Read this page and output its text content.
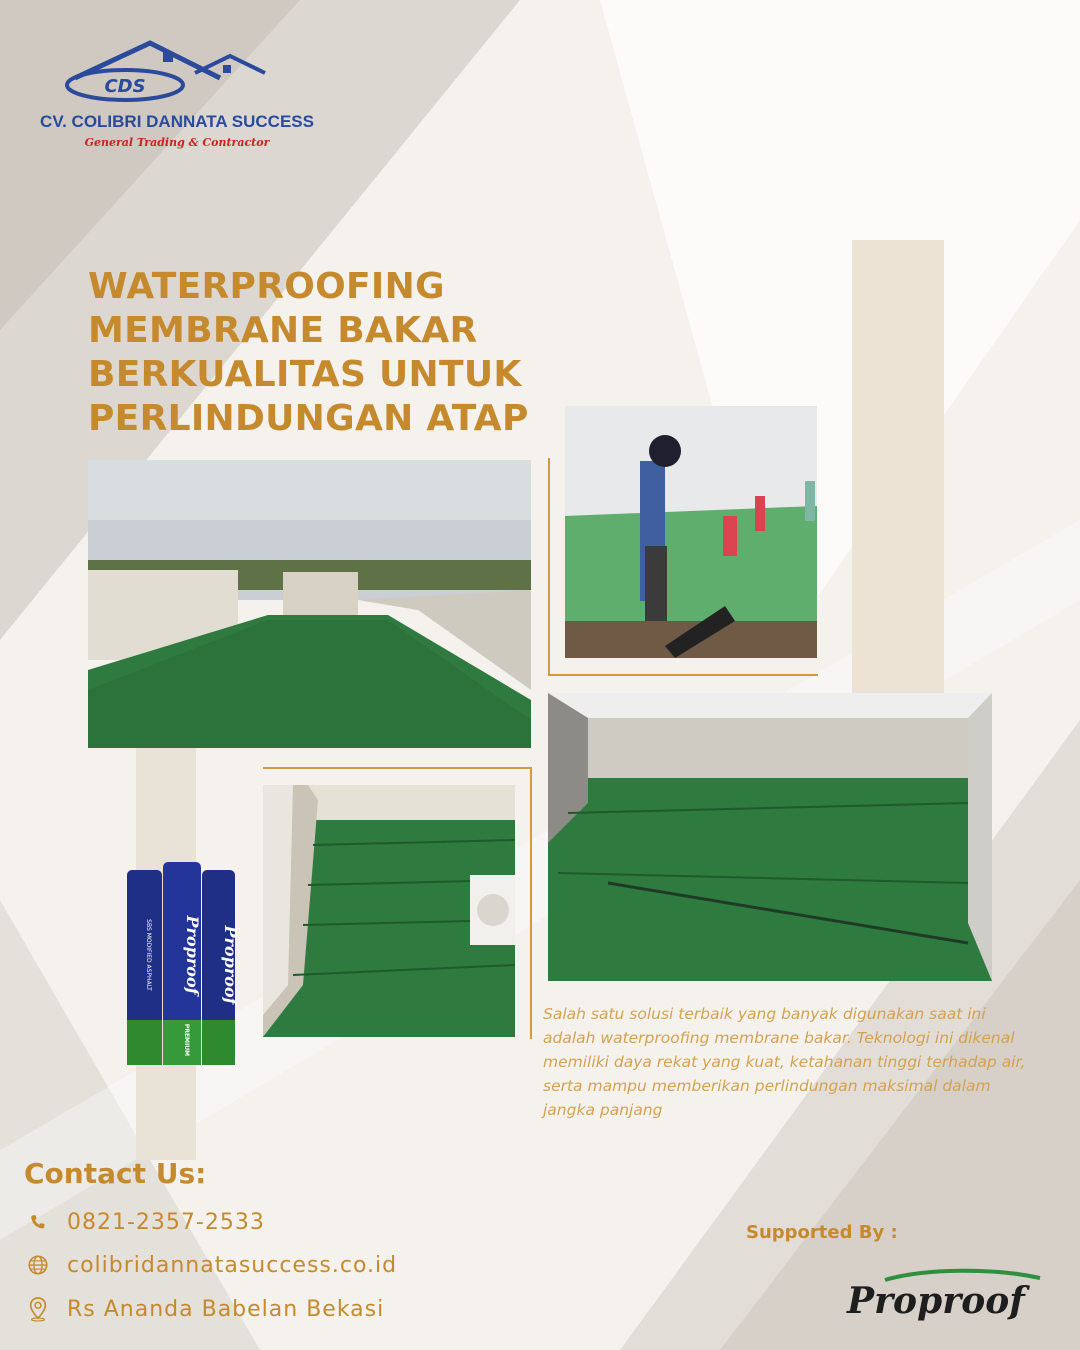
CDS
CV. COLIBRI DANNATA SUCCESS
General Trading & Contractor
WATERPROOFING
MEMBRANE BAKAR
BERKUALITAS UNTUK
PERLINDUNGAN ATAP
Proproof
Proproof
SBS MODIFIED ASPHALT
PREMIUM

Salah satu solusi terbaik yang banyak digunakan saat ini adalah waterproofing membrane bakar. Teknologi ini dikenal memiliki daya rekat yang kuat, ketahanan tinggi terhadap air, serta mampu memberikan perlindungan maksimal dalam jangka panjang

Contact Us:
0821-2357-2533
colibridannatasuccess.co.id
Rs Ananda Babelan Bekasi
Supported By :
Proproof
